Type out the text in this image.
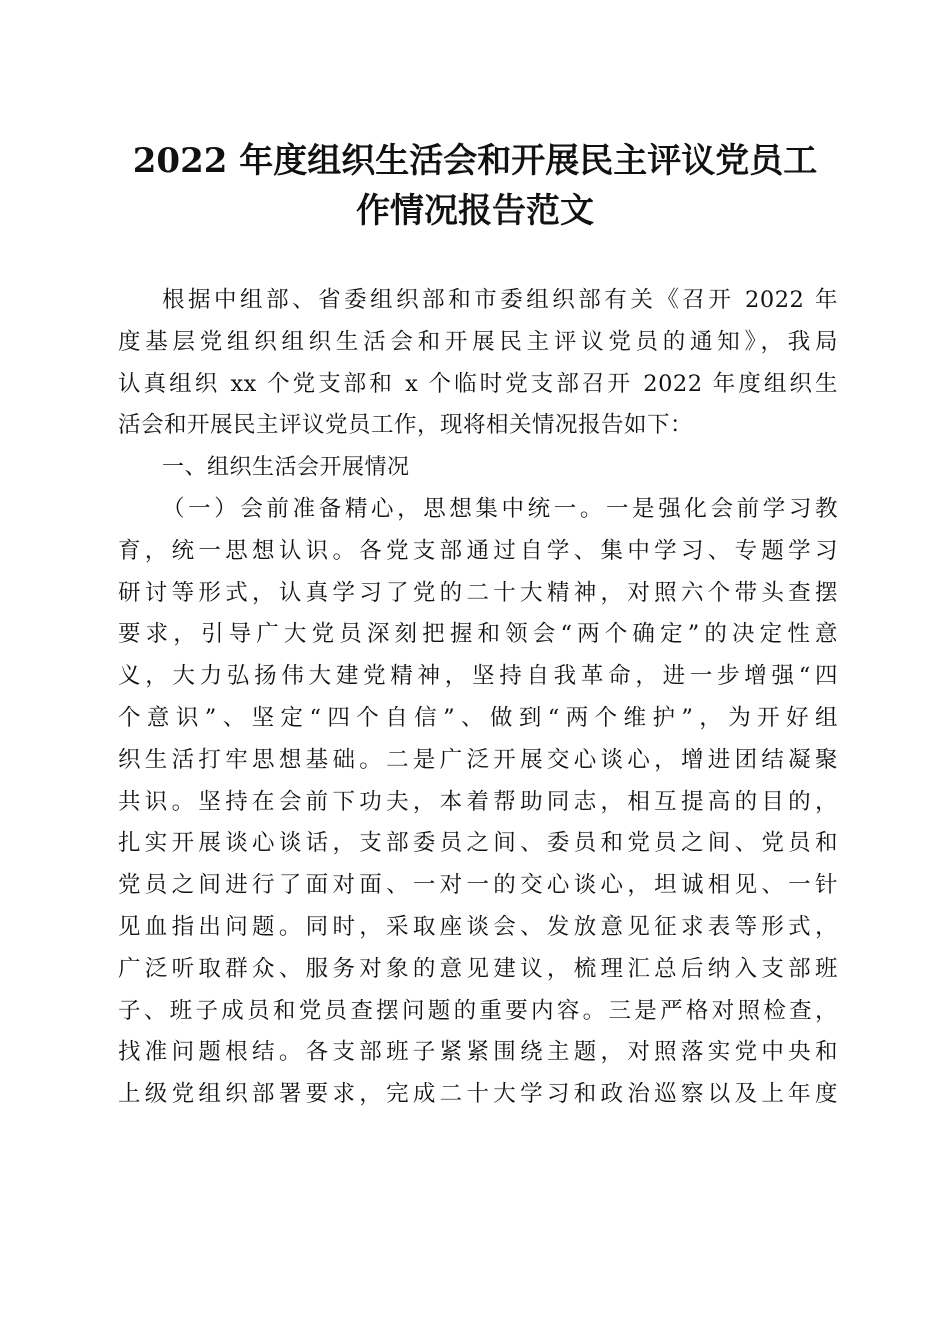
2022 年度组织生活会和开展民主评议党员工
作情况报告范文
根据中组部、省委组织部和市委组织部有关《召开 2022 年
度基层党组织组织生活会和开展民主评议党员的通知》，我局
认真组织 xx 个党支部和 x 个临时党支部召开 2022 年度组织生
活会和开展民主评议党员工作，现将相关情况报告如下：
一、组织生活会开展情况
（一）会前准备精心，思想集中统一。一是强化会前学习教
育，统一思想认识。各党支部通过自学、集中学习、专题学习
研讨等形式，认真学习了党的二十大精神，对照六个带头查摆
要求，引导广大党员深刻把握和领会“两个确定”的决定性意
义，大力弘扬伟大建党精神，坚持自我革命，进一步增强“四
个意识”、坚定“四个自信”、做到“两个维护”，为开好组
织生活打牢思想基础。二是广泛开展交心谈心，增进团结凝聚
共识。坚持在会前下功夫，本着帮助同志，相互提高的目的，
扎实开展谈心谈话，支部委员之间、委员和党员之间、党员和
党员之间进行了面对面、一对一的交心谈心，坦诚相见、一针
见血指出问题。同时，采取座谈会、发放意见征求表等形式，
广泛听取群众、服务对象的意见建议，梳理汇总后纳入支部班
子、班子成员和党员查摆问题的重要内容。三是严格对照检查，
找准问题根结。各支部班子紧紧围绕主题，对照落实党中央和
上级党组织部署要求，完成二十大学习和政治巡察以及上年度
